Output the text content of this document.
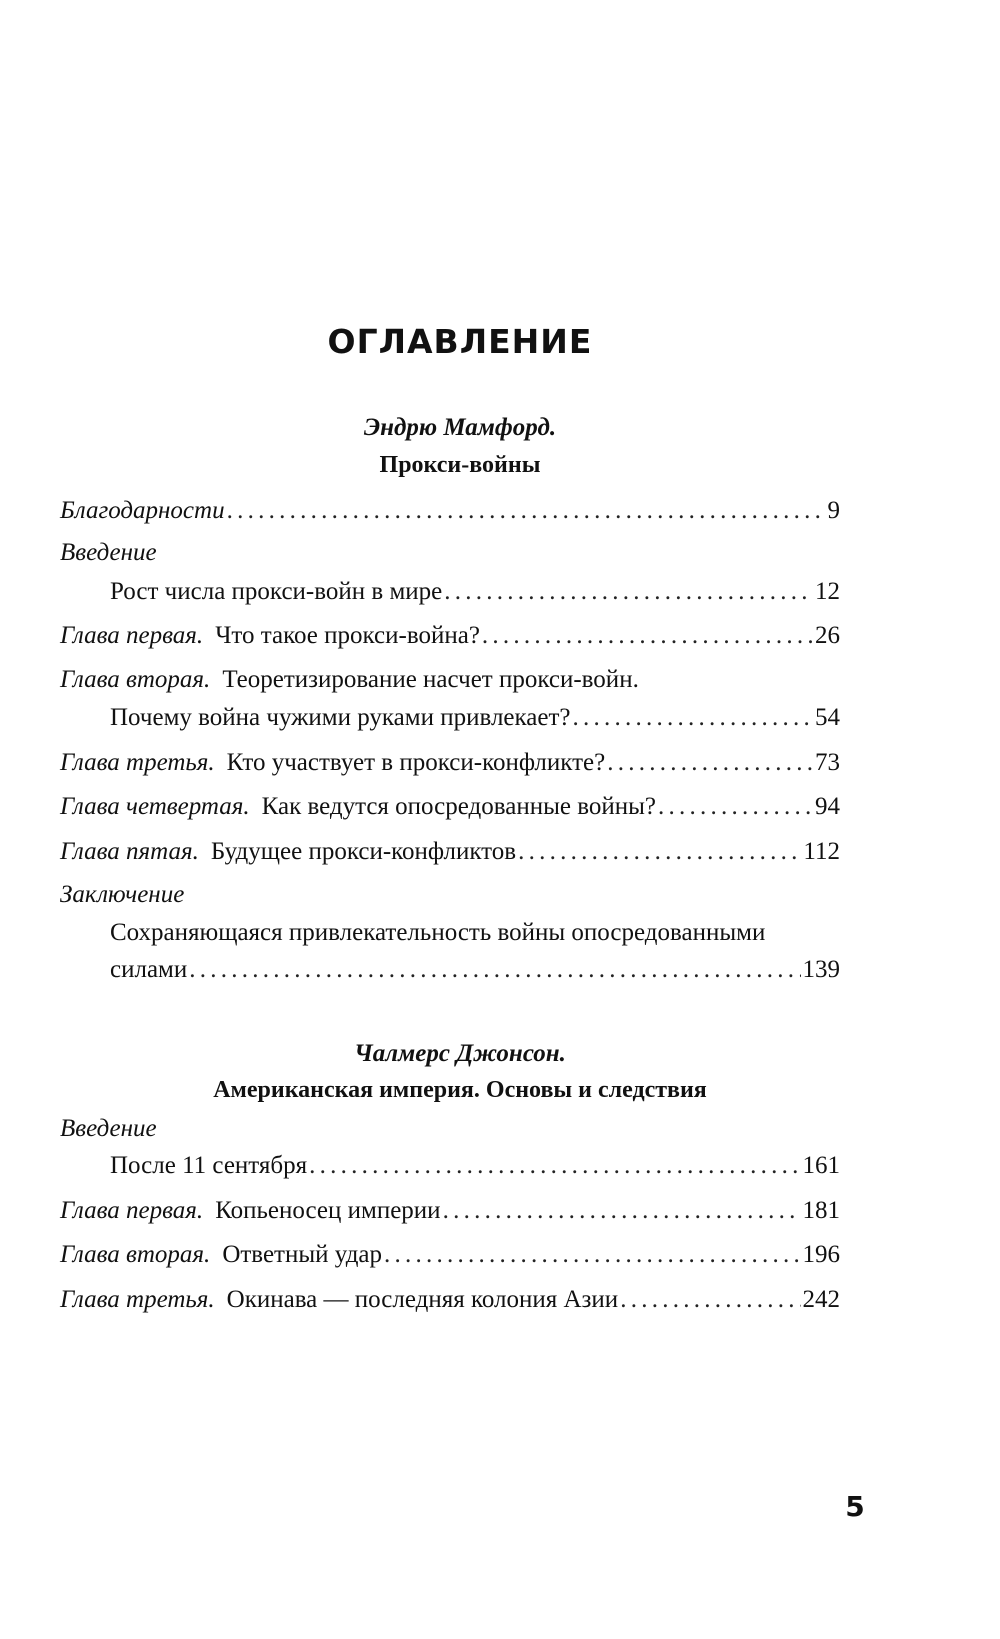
ОГЛАВЛЕНИЕ
Эндрю Мамфорд.
Прокси-войны
Благодарности . . .	9
Введение
Рост числа прокси-войн в мире . . .	12
Глава первая. Что такое прокси-война? . . .	26
Глава вторая. Теоретизирование насчет прокси-войн.
Почему война чужими руками привлекает? . . .	54
Глава третья. Кто участвует в прокси-конфликте? . . .	73
Глава четвертая. Как ведутся опосредованные войны? . . .	94
Глава пятая. Будущее прокси-конфликтов . . .	112
Заключение
Сохраняющаяся привлекательность войны опосредованными
силами . . .	139
Чалмерс Джонсон.
Американская империя. Основы и следствия
Введение
После 11 сентября . . .	161
Глава первая. Копьеносец империи . . .	181
Глава вторая. Ответный удар . . .	196
Глава третья. Окинава — последняя колония Азии . . .	242
5
